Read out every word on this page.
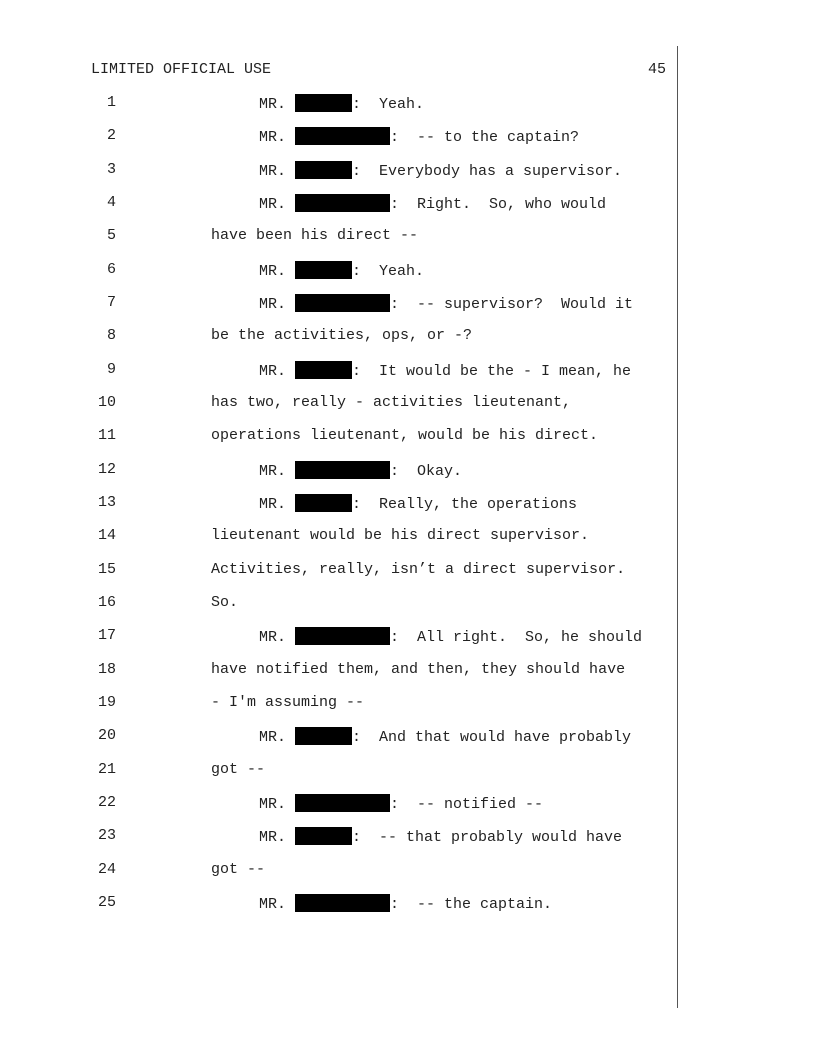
LIMITED OFFICIAL USE	45
1	MR.	:  Yeah.
2	MR.	:  -- to the captain?
3	MR.	:  Everybody has a supervisor.
4	MR.	:  Right.  So, who would
5	have been his direct --
6	MR.	:  Yeah.
7	MR.	:  -- supervisor?  Would it
8	be the activities, ops, or -?
9	MR.	:  It would be the - I mean, he
10	has two, really - activities lieutenant,
11	operations lieutenant, would be his direct.
12	MR.	:  Okay.
13	MR.	:  Really, the operations
14	lieutenant would be his direct supervisor.
15	Activities, really, isn’t a direct supervisor.
16	So.
17	MR.	:  All right.  So, he should
18	have notified them, and then, they should have
19	- I'm assuming --
20	MR.	:  And that would have probably
21	got --
22	MR.	:  -- notified --
23	MR.	:  -- that probably would have
24	got --
25	MR.	:  -- the captain.
